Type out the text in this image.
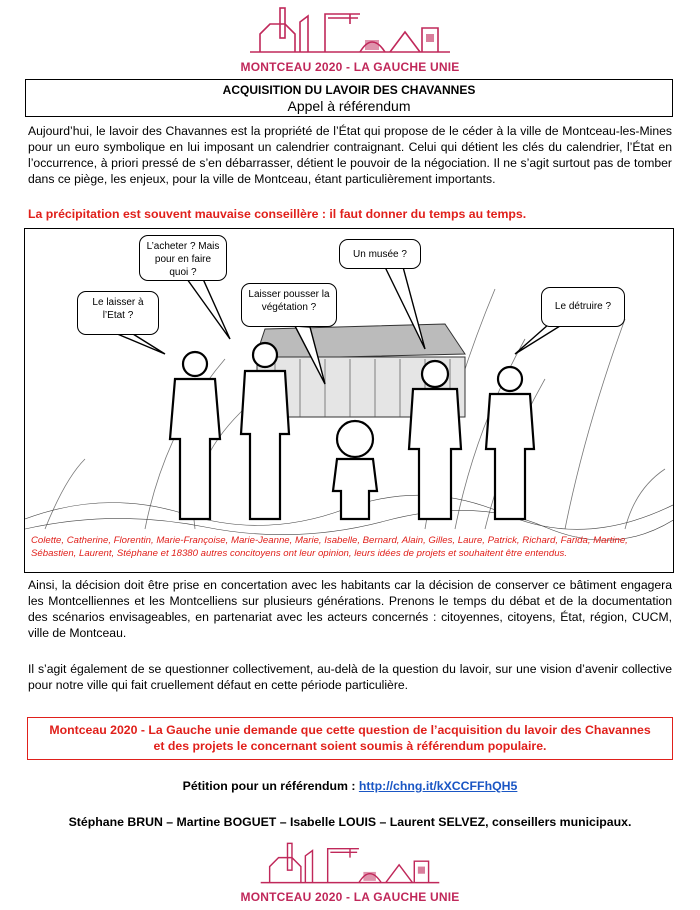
MONTCEAU 2020 - LA GAUCHE UNIE
ACQUISITION DU LAVOIR DES CHAVANNES
Appel à référendum
Aujourd’hui, le lavoir des Chavannes est la propriété de l’État qui propose de le céder à la ville de Montceau-les-Mines pour un euro symbolique en lui imposant un calendrier contraignant. Celui qui détient les clés du calendrier, l’État en l’occurrence, à priori pressé de s’en débarrasser, détient le pouvoir de la négociation. Il ne s’agit surtout pas de tomber dans ce piège, les enjeux, pour la ville de Montceau, étant particulièrement importants.
La précipitation est souvent mauvaise conseillère : il faut donner du temps au temps.
Le laisser à l’Etat ?
L’acheter ? Mais pour en faire quoi ?
Laisser pousser la végétation ?
Un musée ?
Le détruire ?
Colette, Catherine, Florentin, Marie-Françoise, Marie-Jeanne, Marie, Isabelle, Bernard, Alain, Gilles, Laure, Patrick, Richard, Farida, Martine, Sébastien, Laurent, Stéphane et 18380 autres concitoyens ont leur opinion, leurs idées de projets et souhaitent être entendus.
Ainsi, la décision doit être prise en concertation avec les habitants car la décision de conserver ce bâtiment engagera les Montcelliennes et les Montcelliens sur plusieurs générations. Prenons le temps du débat et de la documentation des scénarios envisageables, en partenariat avec les acteurs concernés : citoyennes, citoyens, État, région, CUCM, ville de Montceau.
Il s’agit également de se questionner collectivement, au-delà de la question du lavoir, sur une vision d’avenir collective pour notre ville qui fait cruellement défaut en cette période particulière.
Montceau 2020 - La Gauche unie demande que cette question de l’acquisition du lavoir des Chavannes
et des projets le concernant soient soumis à référendum populaire.
Pétition pour un référendum : http://chng.it/kXCCFFhQH5
Stéphane BRUN – Martine BOGUET – Isabelle LOUIS – Laurent SELVEZ, conseillers municipaux.
MONTCEAU 2020 - LA GAUCHE UNIE
